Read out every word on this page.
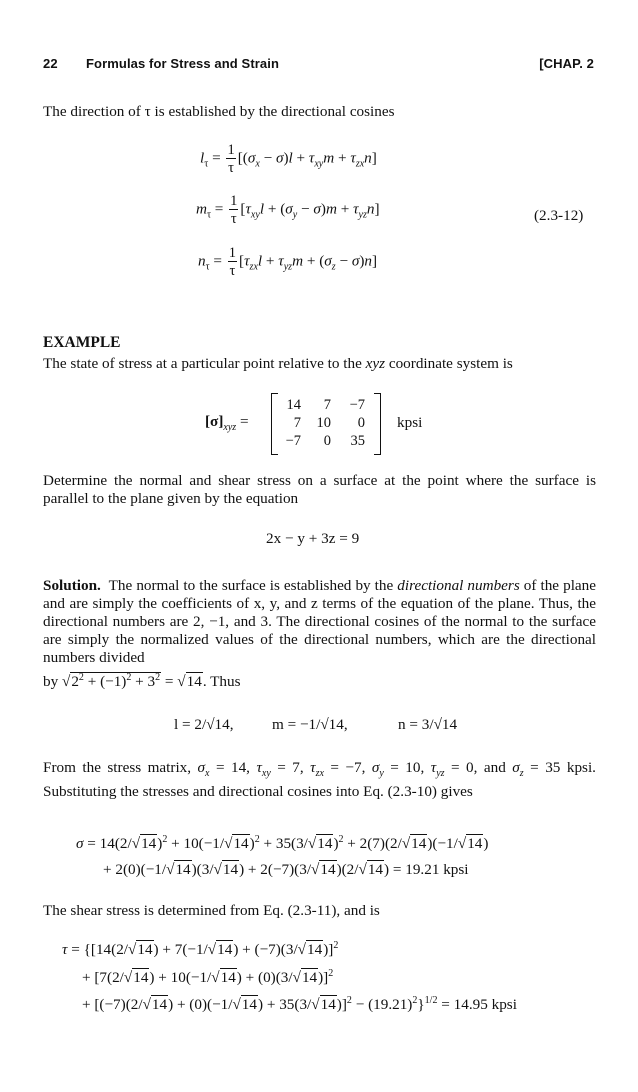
22 Formulas for Stress and Strain	[CHAP. 2
The direction of τ is established by the directional cosines
$l_\tau = \frac{1}{\tau} [(\sigma_x - \sigma)l + \tau_{xy}m + \tau_{zx}n]$
$m_\tau = \frac{1}{\tau} [\tau_{xy}l + (\sigma_y - \sigma)m + \tau_{yz}n]$	(2.3-12)
$n_\tau = \frac{1}{\tau} [\tau_{zx}l + \tau_{yz}m + (\sigma_z - \sigma)n]$
EXAMPLE
The state of stress at a particular point relative to the xyz coordinate system is
$[\sigma]_{xyz}$ =
14	7	−7
7	10	0
−7	0	35
kpsi
Determine the normal and shear stress on a surface at the point where the surface is parallel to the plane given by the equation
2x − y + 3z = 9
Solution. The normal to the surface is established by the directional numbers of the plane and are simply the coefficients of x, y, and z terms of the equation of the plane. Thus, the directional numbers are 2, −1, and 3. The directional cosines of the normal to the surface are simply the normalized values of the directional numbers, which are the directional numbers divided
by $√2^2 + (-1)^2 + 3^2 = √14$. Thus
l = 2/√14,	m = −1/√14,	n = 3/√14
From the stress matrix, $\sigma_x = 14$, $\tau_{xy} = 7$, $\tau_{zx} = -7$, $\sigma_y = 10$, $\tau_{yz} = 0$, and $\sigma_z = 35$ kpsi. Substituting the stresses and directional cosines into Eq. (2.3-10) gives
$\sigma = 14(2/√14)^2 + 10(-1/√14)^2 + 35(3/√14)^2 + 2(7)(2/√14)(-1/√14)$
+ 2(0)(−1/√14)(3/√14) + 2(−7)(3/√14)(2/√14) = 19.21 kpsi
The shear stress is determined from Eq. (2.3-11), and is
$\tau = \{[14(2/√14) + 7(-1/√14) + (-7)(3/√14)]^2$
+ $[7(2/√14) + 10(-1/√14) + (0)(3/√14)]^2$
+ $[(-7)(2/√14) + (0)(-1/√14) + 35(3/√14)]^2 - (19.21)^2\}^{1/2} = 14.95$ kpsi
